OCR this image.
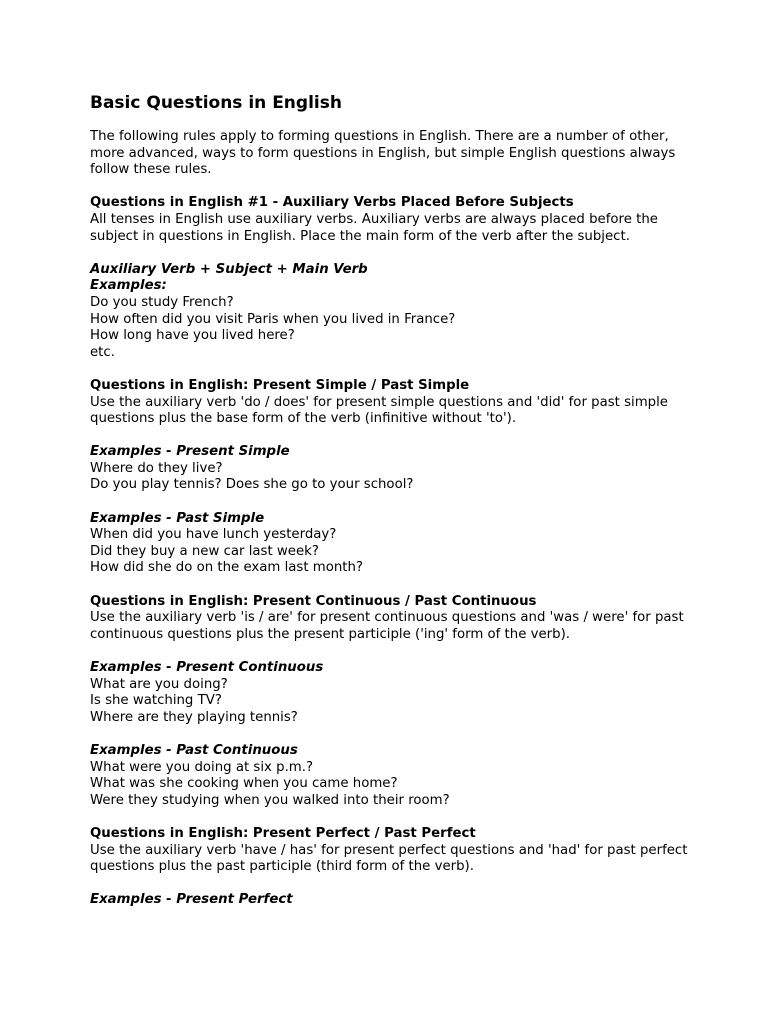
Basic Questions in English

The following rules apply to forming questions in English. There are a number of other, more advanced, ways to form questions in English, but simple English questions always follow these rules.

Questions in English #1 - Auxiliary Verbs Placed Before Subjects

All tenses in English use auxiliary verbs. Auxiliary verbs are always placed before the subject in questions in English. Place the main form of the verb after the subject.

Auxiliary Verb + Subject + Main Verb

Examples:

Do you study French?

How often did you visit Paris when you lived in France?

How long have you lived here?

etc.

Questions in English: Present Simple / Past Simple

Use the auxiliary verb 'do / does' for present simple questions and 'did' for past simple questions plus the base form of the verb (infinitive without 'to').

Examples - Present Simple

Where do they live?

Do you play tennis? Does she go to your school?

Examples - Past Simple

When did you have lunch yesterday?

Did they buy a new car last week?

How did she do on the exam last month?

Questions in English: Present Continuous / Past Continuous

Use the auxiliary verb 'is / are' for present continuous questions and 'was / were' for past continuous questions plus the present participle ('ing' form of the verb).

Examples - Present Continuous

What are you doing?

Is she watching TV?

Where are they playing tennis?

Examples - Past Continuous

What were you doing at six p.m.?

What was she cooking when you came home?

Were they studying when you walked into their room?

Questions in English: Present Perfect / Past Perfect

Use the auxiliary verb 'have / has' for present perfect questions and 'had' for past perfect questions plus the past participle (third form of the verb).

Examples - Present Perfect
